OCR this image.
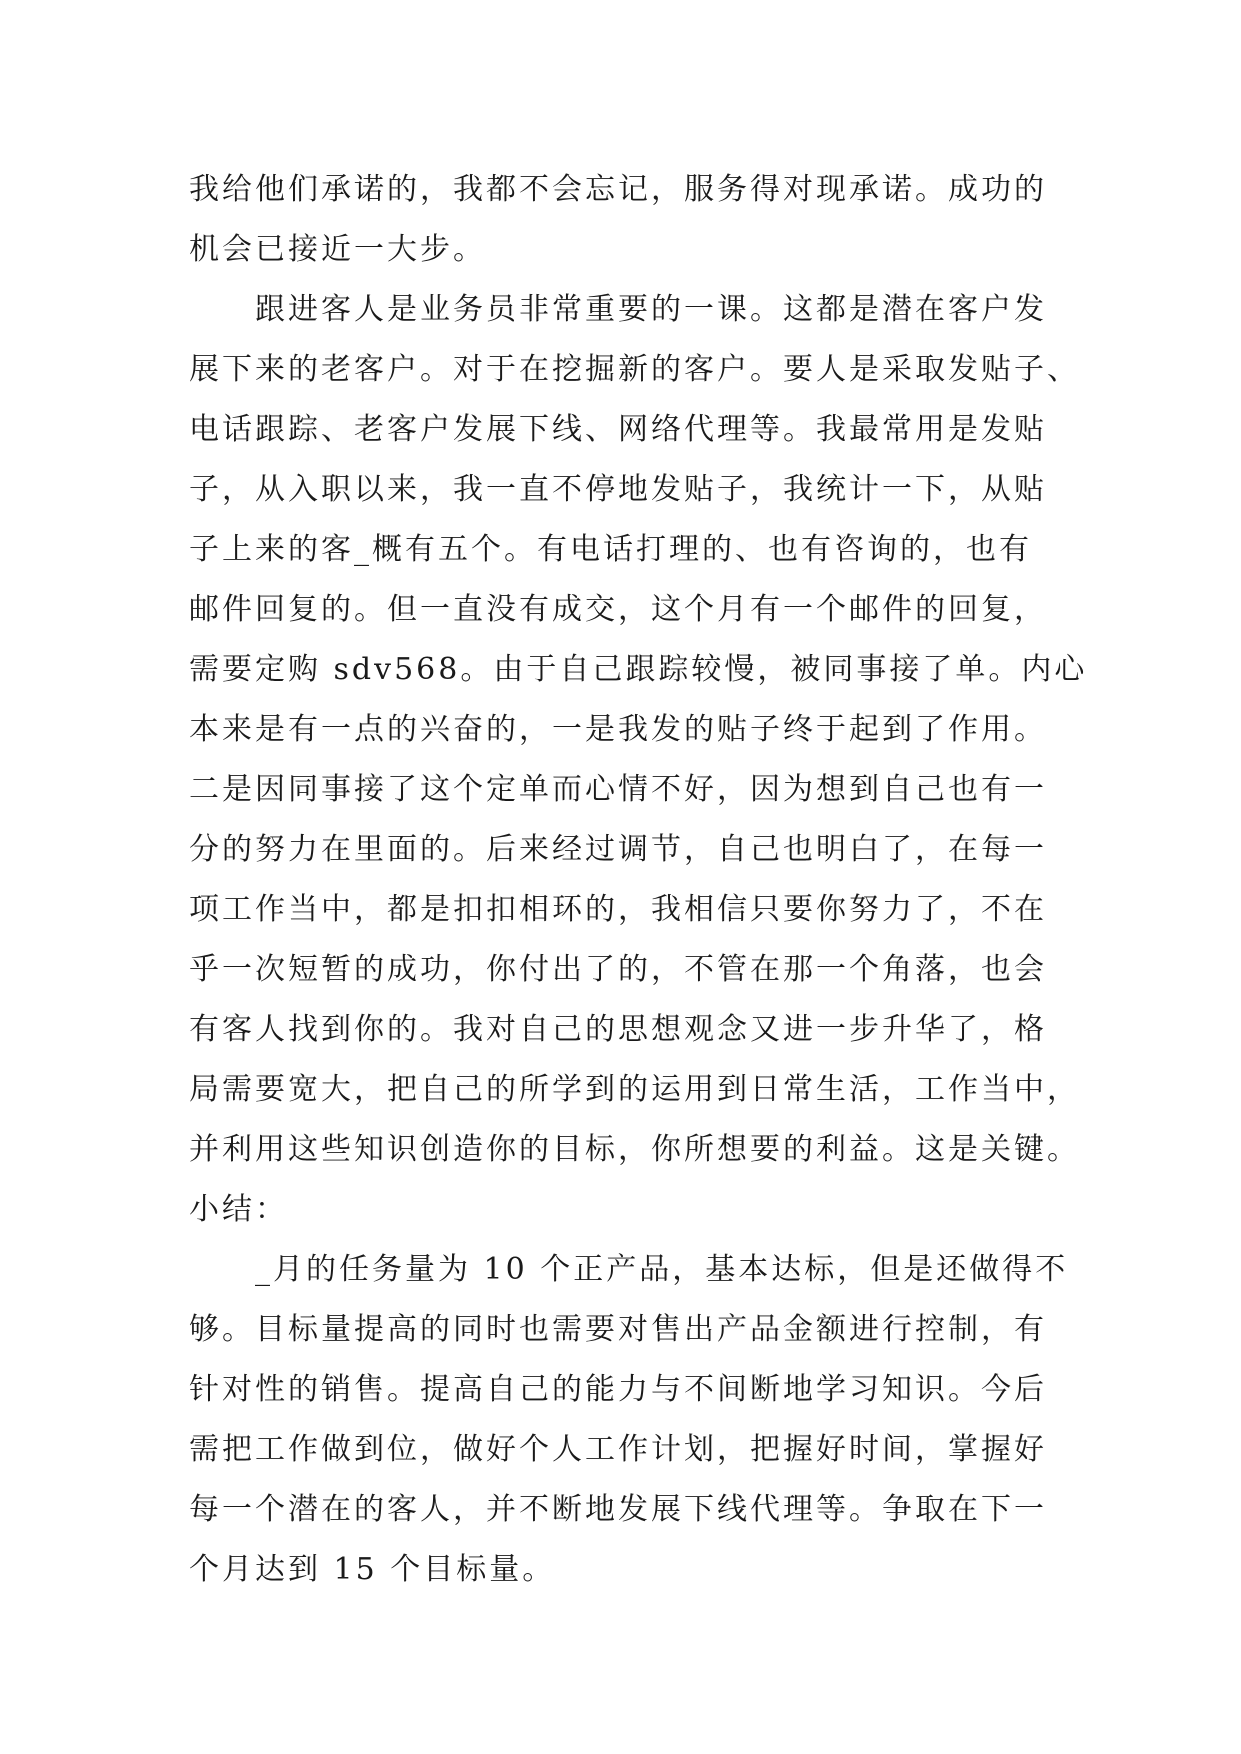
我给他们承诺的，我都不会忘记，服务得对现承诺。成功的
机会已接近一大步。
跟进客人是业务员非常重要的一课。这都是潜在客户发
展下来的老客户。对于在挖掘新的客户。要人是采取发贴子、
电话跟踪、老客户发展下线、网络代理等。我最常用是发贴
子，从入职以来，我一直不停地发贴子，我统计一下，从贴
子上来的客_概有五个。有电话打理的、也有咨询的，也有
邮件回复的。但一直没有成交，这个月有一个邮件的回复，
需要定购 sdv568。由于自己跟踪较慢，被同事接了单。内心
本来是有一点的兴奋的，一是我发的贴子终于起到了作用。
二是因同事接了这个定单而心情不好，因为想到自己也有一
分的努力在里面的。后来经过调节，自己也明白了，在每一
项工作当中，都是扣扣相环的，我相信只要你努力了，不在
乎一次短暂的成功，你付出了的，不管在那一个角落，也会
有客人找到你的。我对自己的思想观念又进一步升华了，格
局需要宽大，把自己的所学到的运用到日常生活，工作当中，
并利用这些知识创造你的目标，你所想要的利益。这是关键。
小结：
_月的任务量为 10 个正产品，基本达标，但是还做得不
够。目标量提高的同时也需要对售出产品金额进行控制，有
针对性的销售。提高自己的能力与不间断地学习知识。今后
需把工作做到位，做好个人工作计划，把握好时间，掌握好
每一个潜在的客人，并不断地发展下线代理等。争取在下一
个月达到 15 个目标量。
